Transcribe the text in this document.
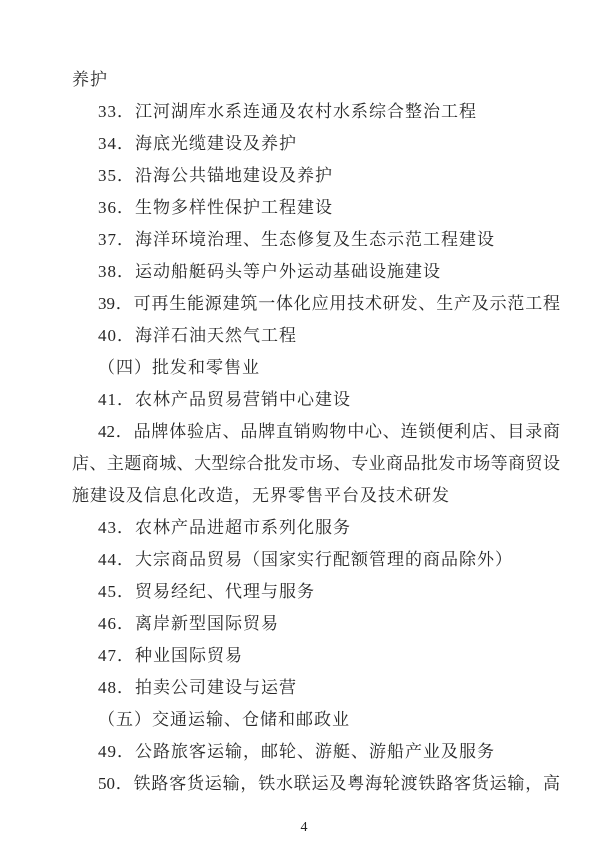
养护
33．江河湖库水系连通及农村水系综合整治工程
34．海底光缆建设及养护
35．沿海公共锚地建设及养护
36．生物多样性保护工程建设
37．海洋环境治理、生态修复及生态示范工程建设
38．运动船艇码头等户外运动基础设施建设
39．可再生能源建筑一体化应用技术研发、生产及示范工程
40．海洋石油天然气工程
（四）批发和零售业
41．农林产品贸易营销中心建设
42．品牌体验店、品牌直销购物中心、连锁便利店、目录商
店、主题商城、大型综合批发市场、专业商品批发市场等商贸设
施建设及信息化改造，无界零售平台及技术研发
43．农林产品进超市系列化服务
44．大宗商品贸易（国家实行配额管理的商品除外）
45．贸易经纪、代理与服务
46．离岸新型国际贸易
47．种业国际贸易
48．拍卖公司建设与运营
（五）交通运输、仓储和邮政业
49．公路旅客运输，邮轮、游艇、游船产业及服务
50．铁路客货运输，铁水联运及粤海轮渡铁路客货运输，高
4
